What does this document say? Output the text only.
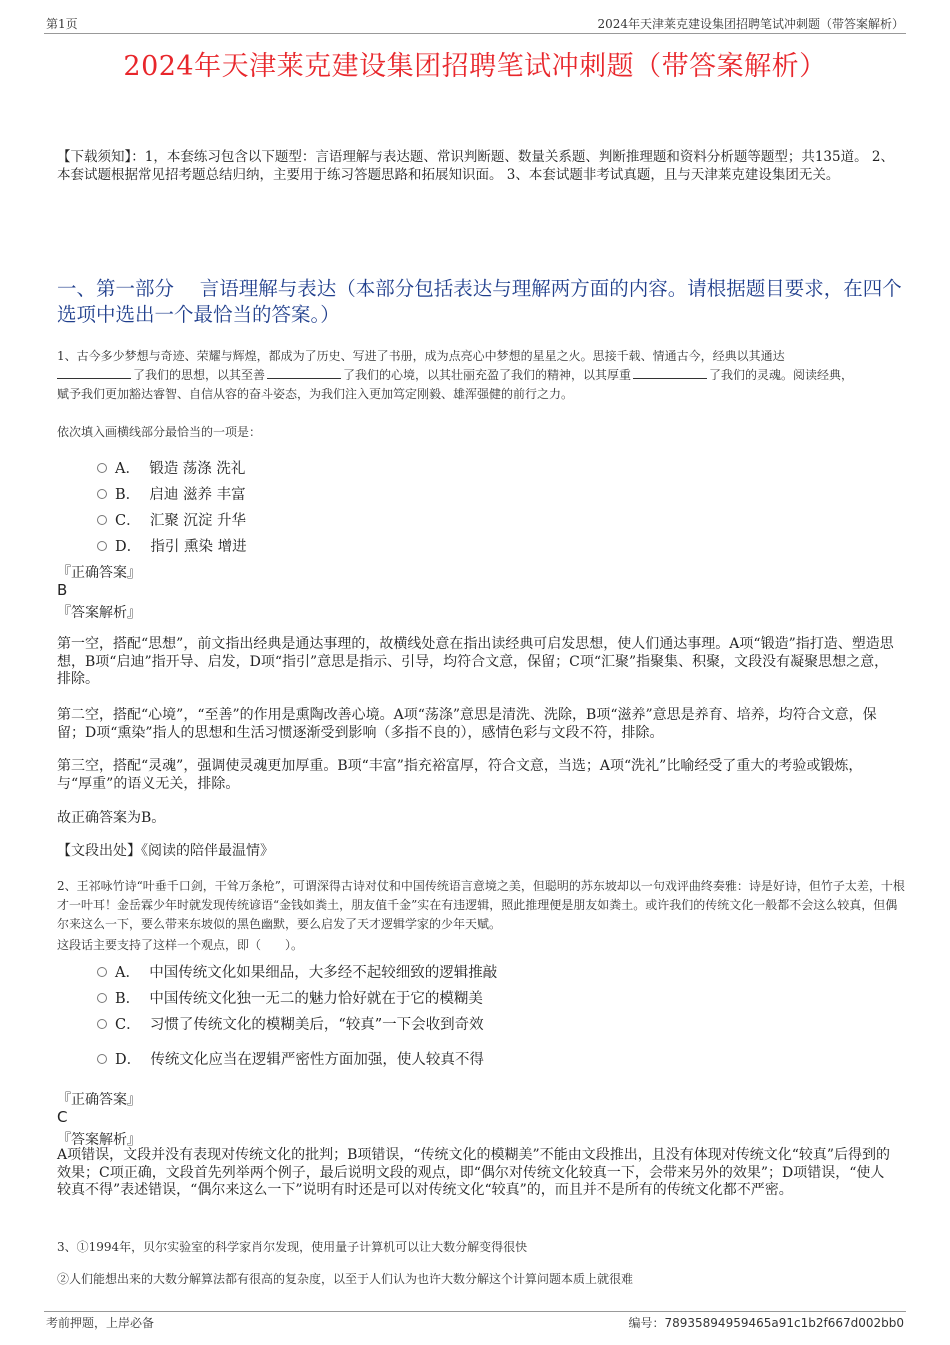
第1页	2024年天津莱克建设集团招聘笔试冲刺题（带答案解析）
2024年天津莱克建设集团招聘笔试冲刺题（带答案解析）
【下载须知】：1，本套练习包含以下题型：言语理解与表达题、常识判断题、数量关系题、判断推理题和资料分析题等题型；共135道。 2、本套试题根据常见招考题总结归纳，主要用于练习答题思路和拓展知识面。 3、本套试题非考试真题，且与天津莱克建设集团无关。
一、第一部分　 言语理解与表达（本部分包括表达与理解两方面的内容。请根据题目要求，在四个选项中选出一个最恰当的答案。）
1、古今多少梦想与奇迹、荣耀与辉煌，都成为了历史、写进了书册，成为点亮心中梦想的星星之火。思接千载、情通古今，经典以其通达
了我们的思想，以其至善	了我们的心境，以其壮丽充盈了我们的精神，以其厚重	了我们的灵魂。阅读经典，
赋予我们更加豁达睿智、自信从容的奋斗姿态，为我们注入更加笃定刚毅、雄浑强健的前行之力。
依次填入画横线部分最恰当的一项是：
A． 锻造 荡涤 洗礼
B． 启迪 滋养 丰富
C． 汇聚 沉淀 升华
D． 指引 熏染 增进
『正确答案』
B
『答案解析』
第一空，搭配“思想”，前文指出经典是通达事理的，故横线处意在指出读经典可启发思想，使人们通达事理。A项“锻造”指打造、塑造思想，B项“启迪”指开导、启发，D项“指引”意思是指示、引导，均符合文意，保留；C项“汇聚”指聚集、积聚，文段没有凝聚思想之意，排除。
第二空，搭配“心境”，“至善”的作用是熏陶改善心境。A项“荡涤”意思是清洗、洗除，B项“滋养”意思是养育、培养，均符合文意，保留；D项“熏染”指人的思想和生活习惯逐渐受到影响（多指不良的），感情色彩与文段不符，排除。
第三空，搭配“灵魂”，强调使灵魂更加厚重。B项“丰富”指充裕富厚，符合文意，当选；A项“洗礼”比喻经受了重大的考验或锻炼，与“厚重”的语义无关，排除。
故正确答案为B。
【文段出处】《阅读的陪伴最温情》
2、王祁咏竹诗“叶垂千口剑，干耸万条枪”，可谓深得古诗对仗和中国传统语言意境之美，但聪明的苏东坡却以一句戏评曲终奏雅：诗是好诗，但竹子太差，十根才一叶耳！金岳霖少年时就发现传统谚语“金钱如粪土，朋友值千金”实在有违逻辑，照此推理便是朋友如粪土。或许我们的传统文化一般都不会这么较真，但偶尔来这么一下，要么带来东坡似的黑色幽默，要么启发了天才逻辑学家的少年天赋。
这段话主要支持了这样一个观点，即（　　）。
A． 中国传统文化如果细品，大多经不起较细致的逻辑推敲
B． 中国传统文化独一无二的魅力恰好就在于它的模糊美
C． 习惯了传统文化的模糊美后，“较真”一下会收到奇效
D． 传统文化应当在逻辑严密性方面加强，使人较真不得
『正确答案』
C
『答案解析』
A项错误，文段并没有表现对传统文化的批判；B项错误，“传统文化的模糊美”不能由文段推出，且没有体现对传统文化“较真”后得到的效果；C项正确，文段首先列举两个例子，最后说明文段的观点，即“偶尔对传统文化较真一下，会带来另外的效果”；D项错误，“使人较真不得”表述错误，“偶尔来这么一下”说明有时还是可以对传统文化“较真”的，而且并不是所有的传统文化都不严密。
3、①1994年，贝尔实验室的科学家肖尔发现，使用量子计算机可以让大数分解变得很快
②人们能想出来的大数分解算法都有很高的复杂度，以至于人们认为也许大数分解这个计算问题本质上就很难
考前押题，上岸必备	编号：78935894959465a91c1b2f667d002bb0
